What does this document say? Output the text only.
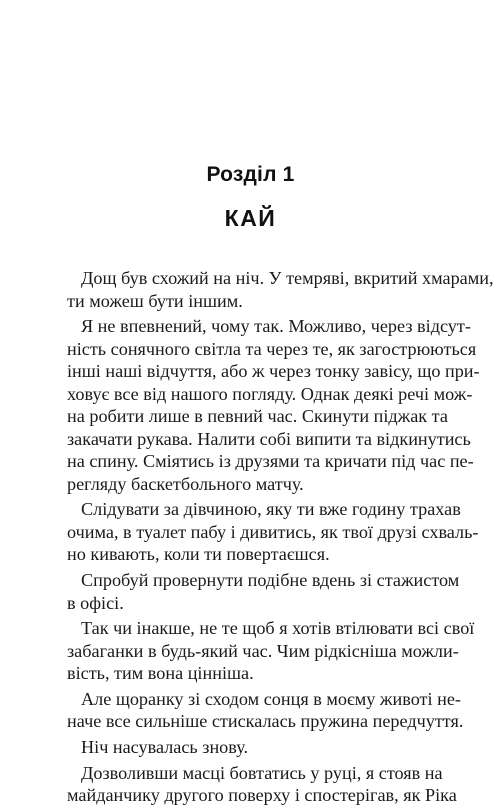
Розділ 1
КАЙ
Дощ був схожий на ніч. У темряві, вкритий хмарами,
ти можеш бути іншим.
Я не впевнений, чому так. Можливо, через відсут-
ність сонячного світла та через те, як загострюються
інші наші відчуття, або ж через тонку завісу, що при-
ховує все від нашого погляду. Однак деякі речі мож-
на робити лише в певний час. Скинути піджак та
закачати рукава. Налити собі випити та відкинутись
на спину. Сміятись із друзями та кричати під час пе-
регляду баскетбольного матчу.
Слідувати за дівчиною, яку ти вже годину трахав
очима, в туалет пабу і дивитись, як твої друзі схваль-
но кивають, коли ти повертаєшся.
Спробуй провернути подібне вдень зі стажистом
в офісі.
Так чи інакше, не те щоб я хотів втілювати всі свої
забаганки в будь-який час. Чим рідкісніша можли-
вість, тим вона цінніша.
Але щоранку зі сходом сонця в моєму животі не-
наче все сильніше стискалась пружина передчуття.
Ніч насувалась знову.
Дозволивши масці бовтатись у руці, я стояв на
майданчику другого поверху і спостерігав, як Ріка
